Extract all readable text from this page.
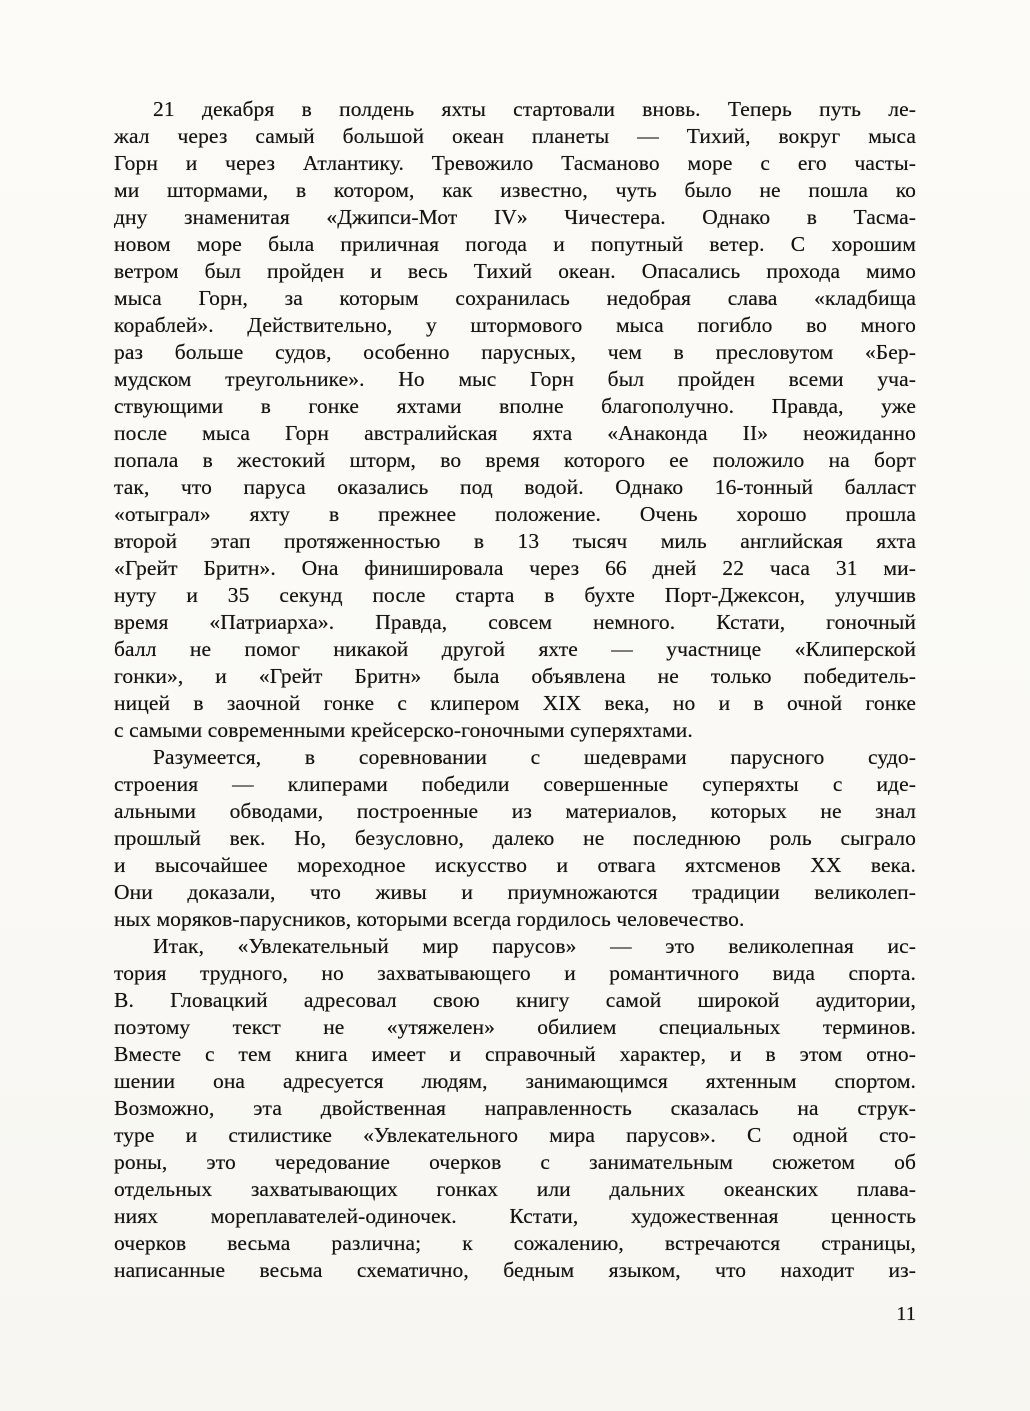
21 декабря в полдень яхты стартовали вновь. Теперь путь ле-
жал через самый большой океан планеты — Тихий, вокруг мыса
Горн и через Атлантику. Тревожило Тасманово море с его часты-
ми штормами, в котором, как известно, чуть было не пошла ко
дну знаменитая «Джипси-Мот IV» Чичестера. Однако в Тасма-
новом море была приличная погода и попутный ветер. С хорошим
ветром был пройден и весь Тихий океан. Опасались прохода мимо
мыса Горн, за которым сохранилась недобрая слава «кладбища
кораблей». Действительно, у штормового мыса погибло во много
раз больше судов, особенно парусных, чем в пресловутом «Бер-
мудском треугольнике». Но мыс Горн был пройден всеми уча-
ствующими в гонке яхтами вполне благополучно. Правда, уже
после мыса Горн австралийская яхта «Анаконда II» неожиданно
попала в жестокий шторм, во время которого ее положило на борт
так, что паруса оказались под водой. Однако 16-тонный балласт
«отыграл» яхту в прежнее положение. Очень хорошо прошла
второй этап протяженностью в 13 тысяч миль английская яхта
«Грейт Бритн». Она финишировала через 66 дней 22 часа 31 ми-
нуту и 35 секунд после старта в бухте Порт-Джексон, улучшив
время «Патриарха». Правда, совсем немного. Кстати, гоночный
балл не помог никакой другой яхте — участнице «Клиперской
гонки», и «Грейт Бритн» была объявлена не только победитель-
ницей в заочной гонке с клипером XIX века, но и в очной гонке
с самыми современными крейсерско-гоночными суперяхтами.
Разумеется, в соревновании с шедеврами парусного судо-
строения — клиперами победили совершенные суперяхты с иде-
альными обводами, построенные из материалов, которых не знал
прошлый век. Но, безусловно, далеко не последнюю роль сыграло
и высочайшее мореходное искусство и отвага яхтсменов XX века.
Они доказали, что живы и приумножаются традиции великолеп-
ных моряков-парусников, которыми всегда гордилось человечество.
Итак, «Увлекательный мир парусов» — это великолепная ис-
тория трудного, но захватывающего и романтичного вида спорта.
В. Гловацкий адресовал свою книгу самой широкой аудитории,
поэтому текст не «утяжелен» обилием специальных терминов.
Вместе с тем книга имеет и справочный характер, и в этом отно-
шении она адресуется людям, занимающимся яхтенным спортом.
Возможно, эта двойственная направленность сказалась на струк-
туре и стилистике «Увлекательного мира парусов». С одной сто-
роны, это чередование очерков с занимательным сюжетом об
отдельных захватывающих гонках или дальних океанских плава-
ниях мореплавателей-одиночек. Кстати, художественная ценность
очерков весьма различна; к сожалению, встречаются страницы,
написанные весьма схематично, бедным языком, что находит из-
11
